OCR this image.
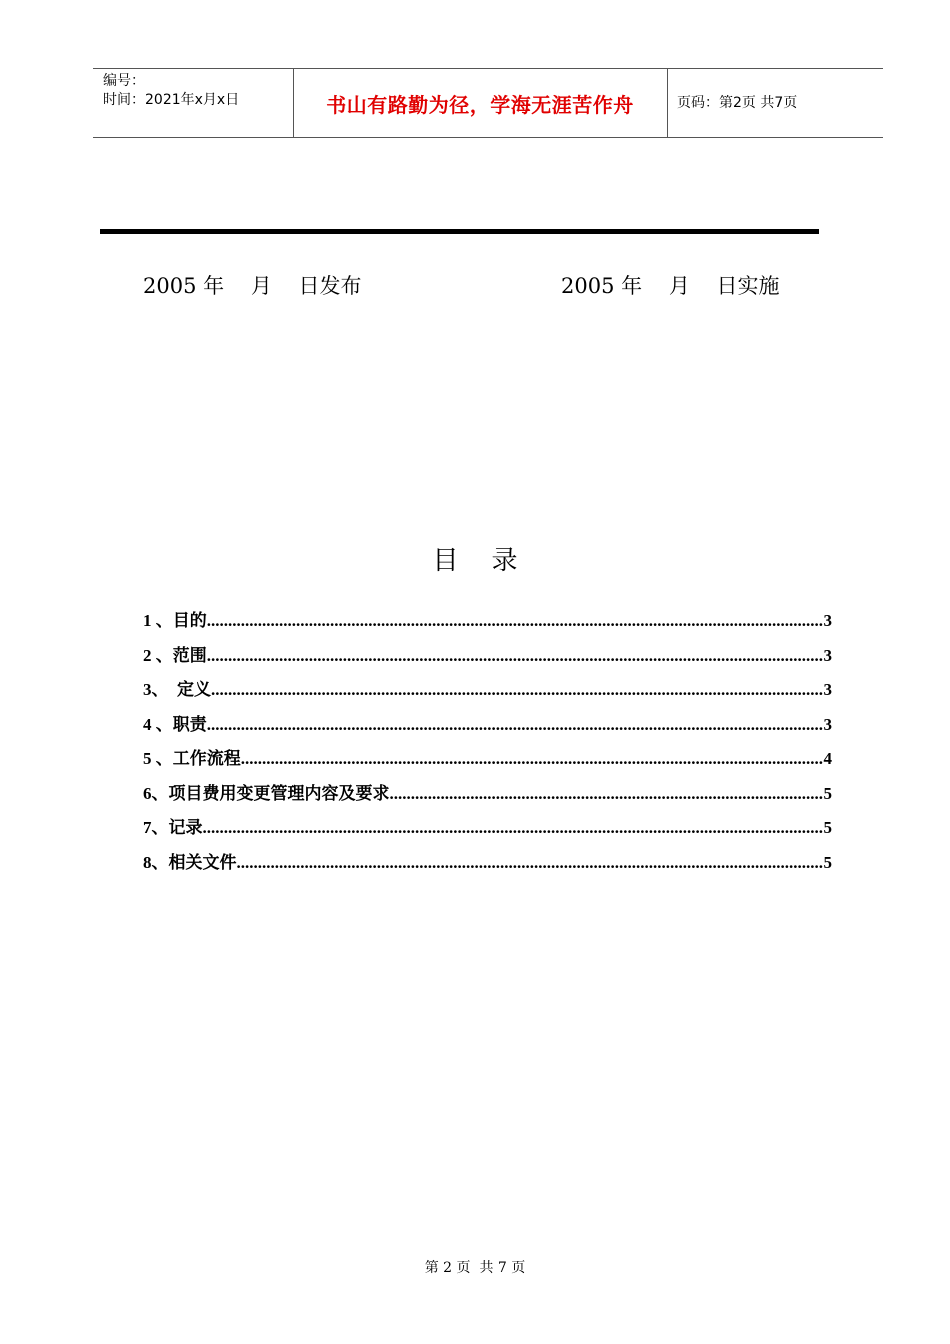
编号：
时间：2021年x月x日	书山有路勤为径，学海无涯苦作舟	页码：第2页 共7页
2005 年    月    日发布	2005 年    月    日实施
目    录
1 、目的 .....	3
2 、范围 .....	3
3、  定义 .....	3
4 、职责 .....	3
5 、工作流程 .....	4
6、项目费用变更管理内容及要求 .....	5
7、记录 .....	5
8、相关文件 .....	5
第 2 页  共 7 页
